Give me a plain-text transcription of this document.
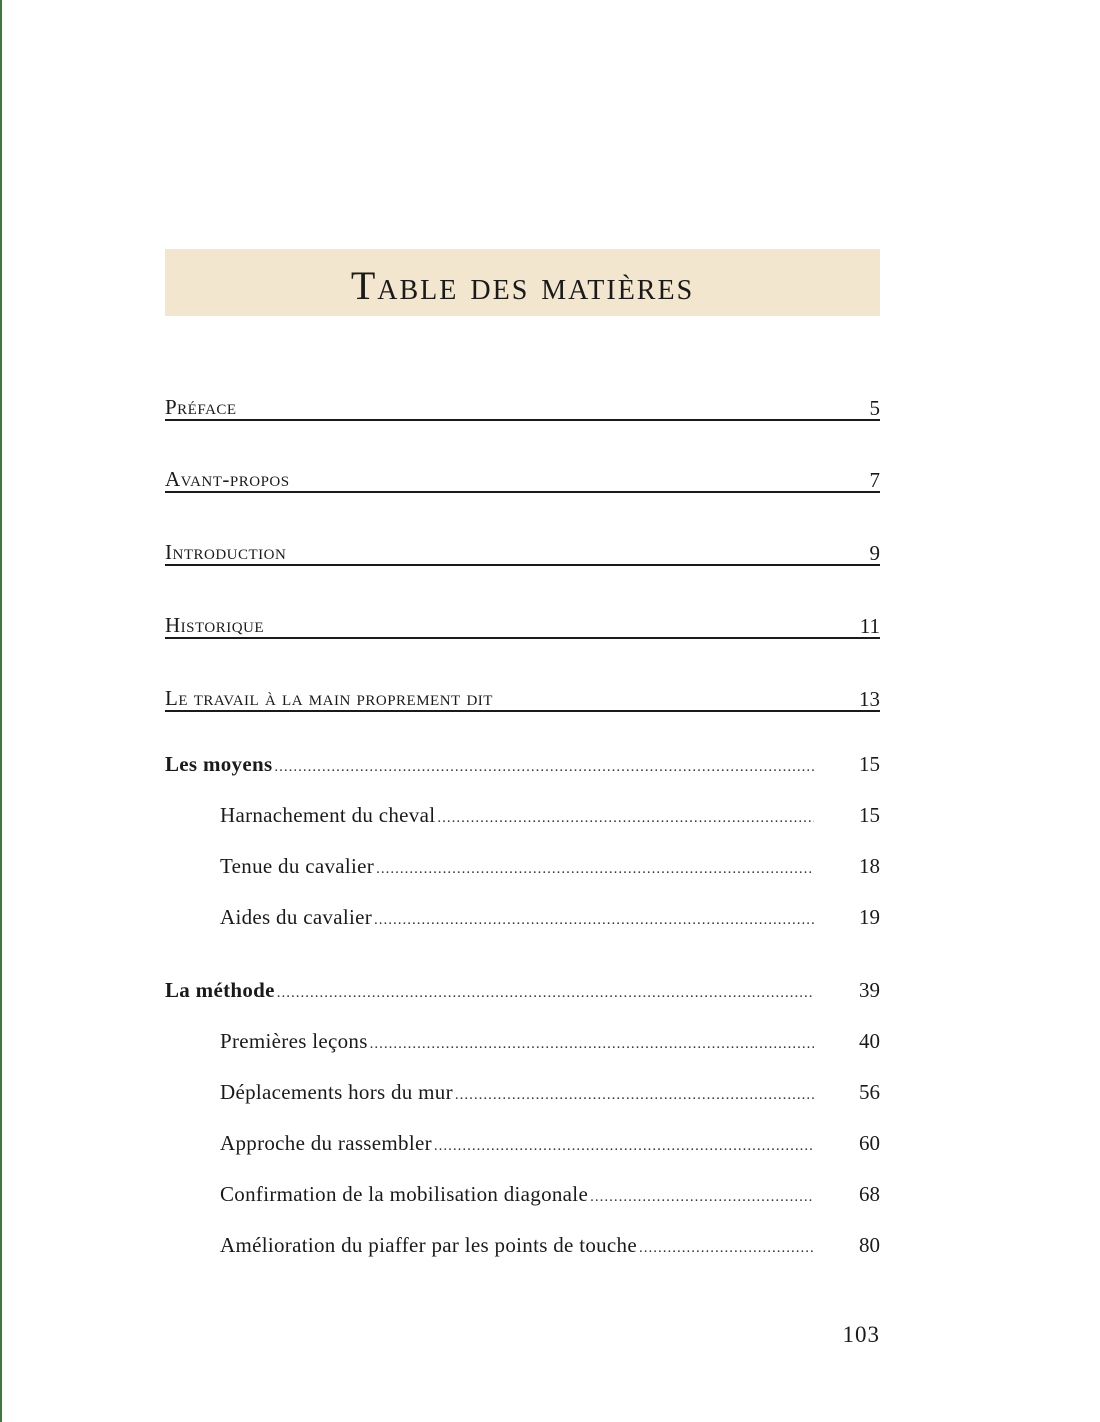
Table des matières
Préface	5
Avant-propos	7
Introduction	9
Historique	11
Le travail à la main proprement dit	13
Les moyens .....	15
Harnachement du cheval .....	15
Tenue du cavalier .....	18
Aides du cavalier .....	19
La méthode .....	39
Premières leçons .....	40
Déplacements hors du mur .....	56
Approche du rassembler .....	60
Confirmation de la mobilisation diagonale .....	68
Amélioration du piaffer par les points de touche .....	80
103
